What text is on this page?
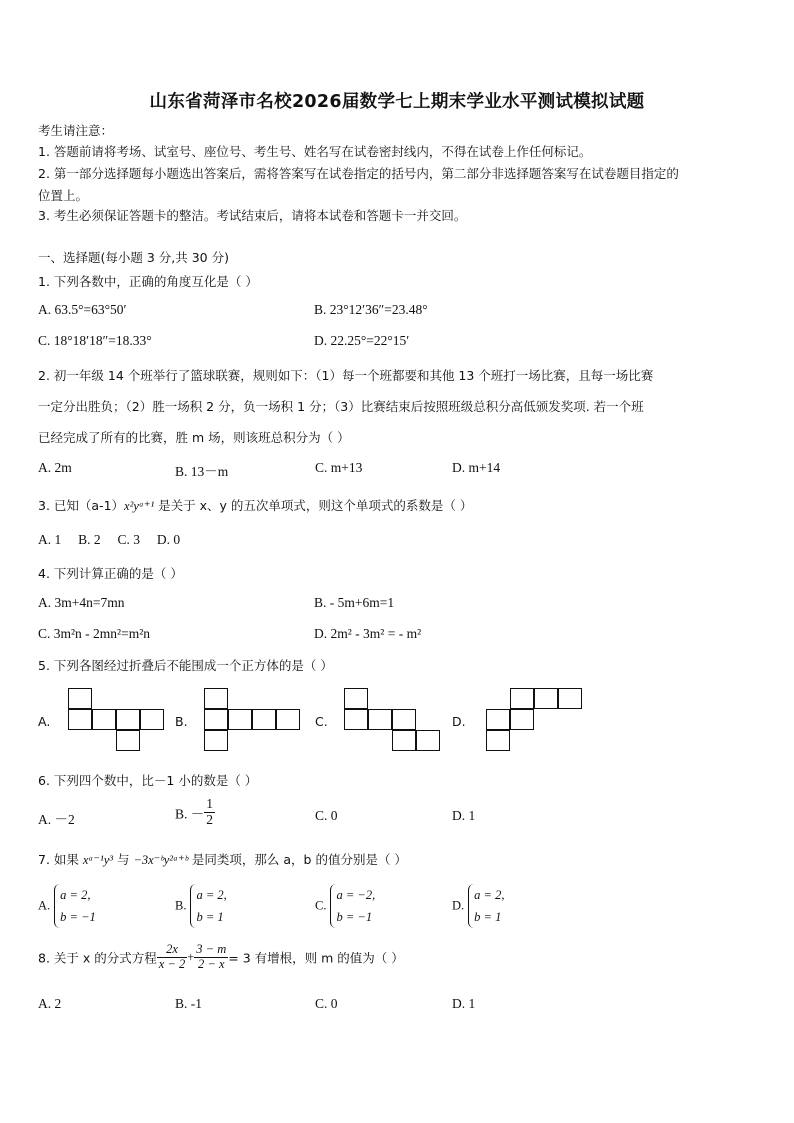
山东省菏泽市名校2026届数学七上期末学业水平测试模拟试题
考生请注意：
1. 答题前请将考场、试室号、座位号、考生号、姓名写在试卷密封线内，不得在试卷上作任何标记。
2. 第一部分选择题每小题选出答案后，需将答案写在试卷指定的括号内，第二部分非选择题答案写在试卷题目指定的
位置上。
3. 考生必须保证答题卡的整洁。考试结束后，请将本试卷和答题卡一并交回。
一、选择题(每小题 3 分,共 30 分)
1. 下列各数中，正确的角度互化是（ ）
A. 63.5°=63°50′	B. 23°12′36″=23.48°
C. 18°18′18″=18.33°	D. 22.25°=22°15′
2. 初一年级 14 个班举行了篮球联赛，规则如下：（1）每一个班都要和其他 13 个班打一场比赛，且每一场比赛
一定分出胜负；（2）胜一场积 2 分，负一场积 1 分；（3）比赛结束后按照班级总积分高低颁发奖项. 若一个班
已经完成了所有的比赛，胜 m 场，则该班总积分为（ ）
A. 2m	B. 13－m	C. m+13	D. m+14
3. 已知（a-1）x²yᵃ⁺¹ 是关于 x、y 的五次单项式，则这个单项式的系数是（ ）
A. 1     B. 2     C. 3     D. 0
4. 下列计算正确的是（ ）
A. 3m+4n=7mn	B. - 5m+6m=1
C. 3m²n - 2mn²=m²n	D. 2m² - 3m² = - m²
5. 下列各图经过折叠后不能围成一个正方体的是（ ）
A.	B.	C.	D.
6. 下列四个数中，比－1 小的数是（ ）
A. －2	B. － $\frac{1}{2}$	C. 0	D. 1
7. 如果 xᵃ⁻¹y³ 与 −3x⁻ᵇy²ᵃ⁺ᵇ 是同类项，那么 a，b 的值分别是（ ）
A.
a = 2,
b = −1
B.
a = 2,
b = 1
C.
a = −2,
b = −1
D.
a = 2,
b = 1
8. 关于 x 的分式方程 $\frac{2x}{x - 2} + \frac{3 - m}{2 - x} = 3$ 有增根，则 m 的值为（ ）
A. 2	B. -1	C. 0	D. 1
